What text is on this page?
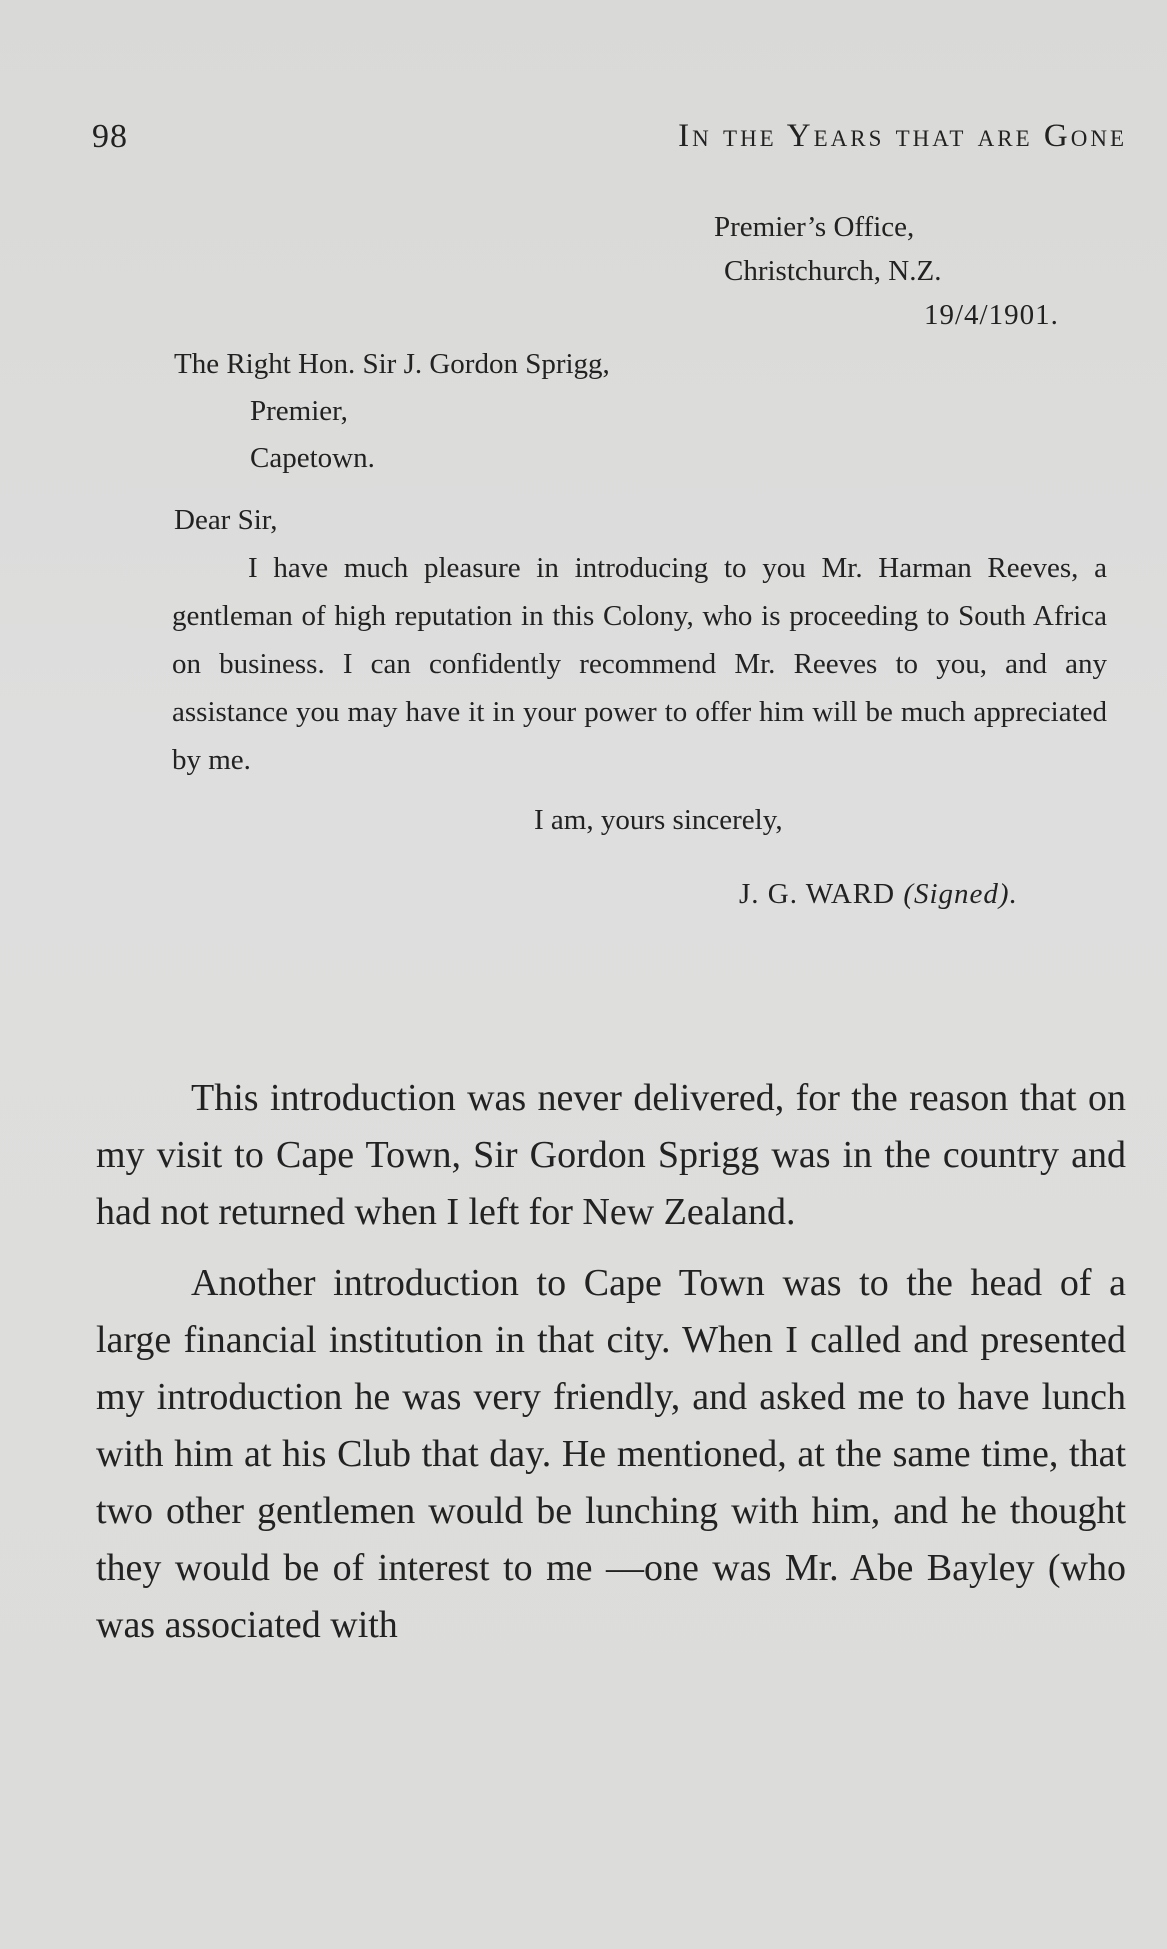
98	In the Years that are Gone
Premier’s Office,
Christchurch, N.Z.
19/4/1901.
The Right Hon. Sir J. Gordon Sprigg,
Premier,
Capetown.
Dear Sir,
I have much pleasure in introducing to you Mr. Harman Reeves, a gentleman of high reputation in this Colony, who is proceeding to South Africa on business. I can confidently recommend Mr. Reeves to you, and any assistance you may have it in your power to offer him will be much appreciated by me.
I am, yours sincerely,
J. G. WARD (Signed).

This introduction was never delivered, for the reason that on my visit to Cape Town, Sir Gordon Sprigg was in the country and had not returned when I left for New Zealand.

Another introduction to Cape Town was to the head of a large financial institution in that city. When I called and presented my introduction he was very friendly, and asked me to have lunch with him at his Club that day. He mentioned, at the same time, that two other gentlemen would be lunching with him, and he thought they would be of interest to me —one was Mr. Abe Bayley (who was associated with
